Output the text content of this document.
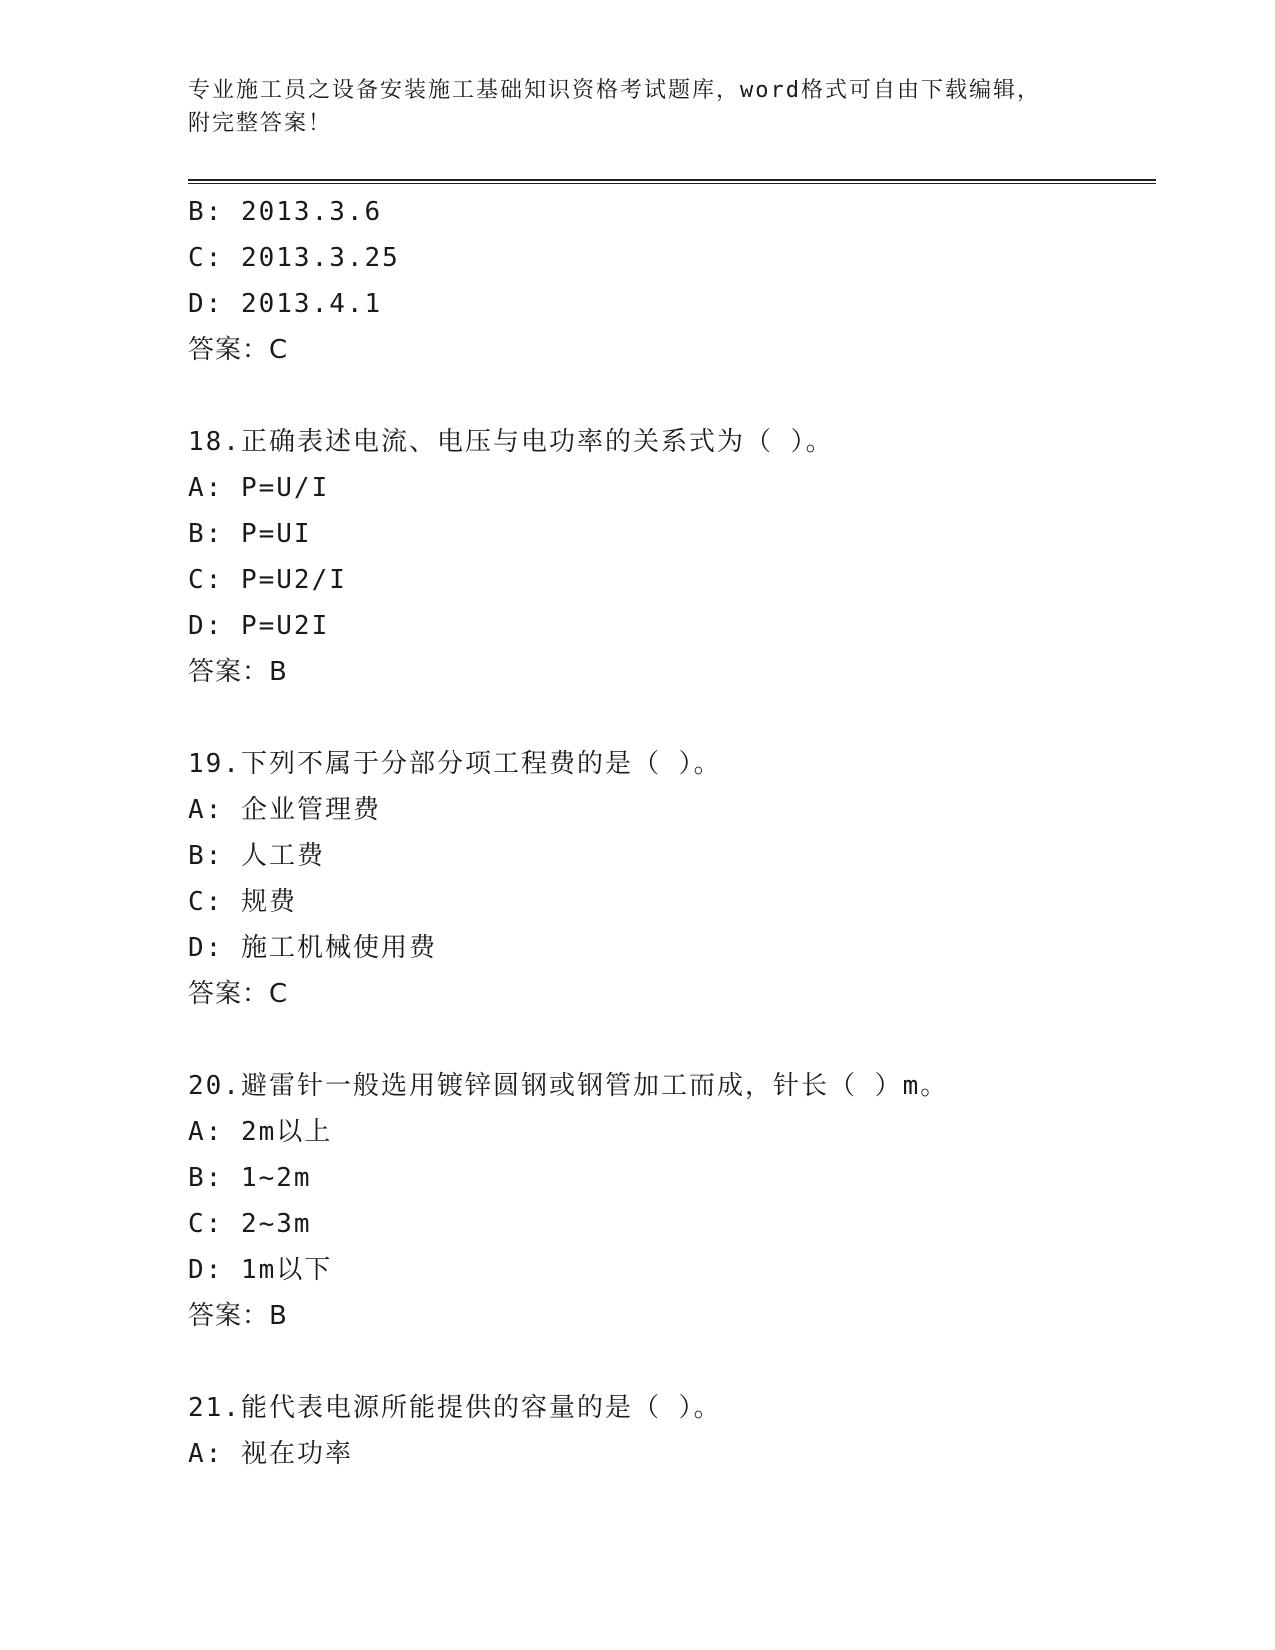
专业施工员之设备安装施工基础知识资格考试题库，word格式可自由下载编辑，
附完整答案！
B: 2013.3.6
C: 2013.3.25
D: 2013.4.1
答案：C
18.正确表述电流、电压与电功率的关系式为（ ）。
A: P=U/I
B: P=UI
C: P=U2/I
D: P=U2I
答案：B
19.下列不属于分部分项工程费的是（ ）。
A: 企业管理费
B: 人工费
C: 规费
D: 施工机械使用费
答案：C
20.避雷针一般选用镀锌圆钢或钢管加工而成，针长（ ）m。
A: 2m以上
B: 1~2m
C: 2~3m
D: 1m以下
答案：B
21.能代表电源所能提供的容量的是（ ）。
A: 视在功率
